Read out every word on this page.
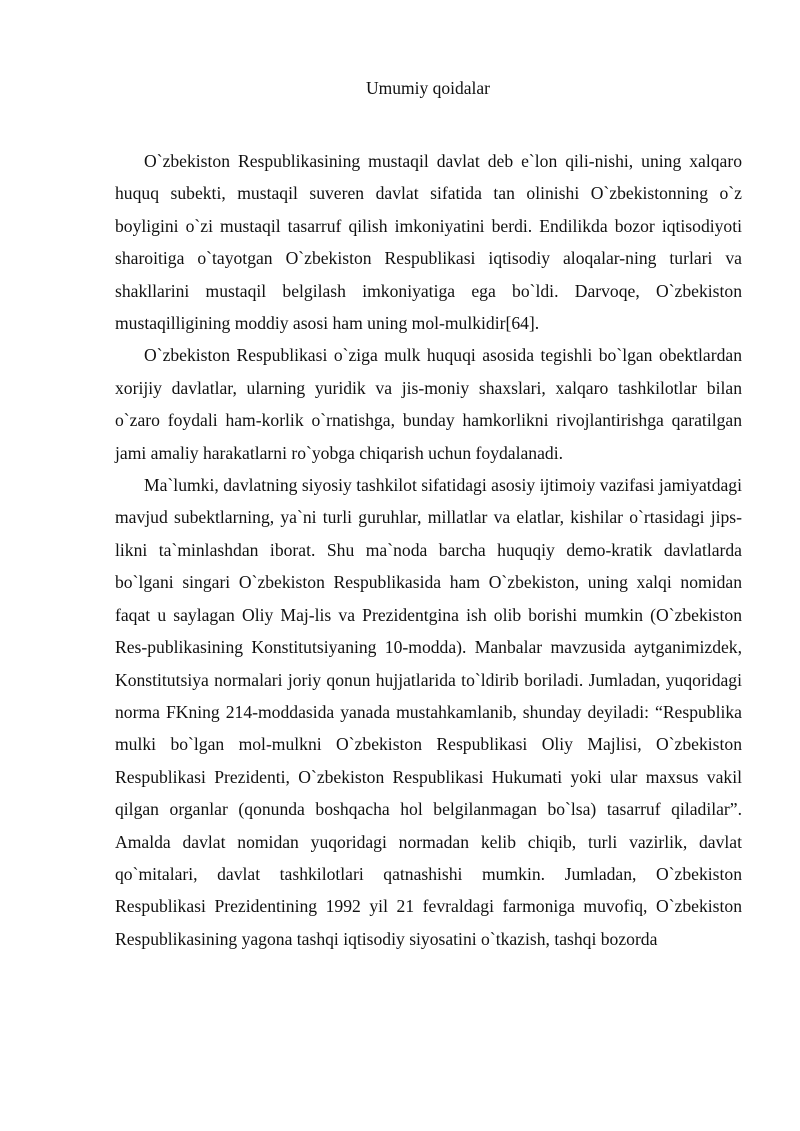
Umumiy qoidalar

O`zbekiston Respublikasining mustaqil davlat deb e`lon qili-nishi, uning xalqaro huquq subekti, mustaqil suveren davlat sifatida tan olinishi O`zbekistonning o`z boyligini o`zi mustaqil tasarruf qilish imkoniyatini berdi. Endilikda bozor iqtisodiyoti sharoitiga o`tayotgan O`zbekiston Respublikasi iqtisodiy aloqalar-ning turlari va shakllarini mustaqil belgilash imkoniyatiga ega bo`ldi. Darvoqe, O`zbekiston mustaqilligining moddiy asosi ham uning mol-mulkidir[64].

O`zbekiston Respublikasi o`ziga mulk huquqi asosida tegishli bo`lgan obektlardan xorijiy davlatlar, ularning yuridik va jis-moniy shaxslari, xalqaro tashkilotlar bilan o`zaro foydali ham-korlik o`rnatishga, bunday hamkorlikni rivojlantirishga qaratilgan jami amaliy harakatlarni ro`yobga chiqarish uchun foydalanadi.

Ma`lumki, davlatning siyosiy tashkilot sifatidagi asosiy ijtimoiy vazifasi jamiyatdagi mavjud subektlarning, ya`ni turli guruhlar, millatlar va elatlar, kishilar o`rtasidagi jips-likni ta`minlashdan iborat. Shu ma`noda barcha huquqiy demo-kratik davlatlarda bo`lgani singari O`zbekiston Respublikasida ham O`zbekiston, uning xalqi nomidan faqat u saylagan Oliy Maj-lis va Prezidentgina ish olib borishi mumkin (O`zbekiston Res-publikasining Konstitutsiyaning 10-modda). Manbalar mavzusida aytganimizdek, Konstitutsiya normalari joriy qonun hujjatlarida to`ldirib boriladi. Jumladan, yuqoridagi norma FKning 214-moddasida yanada mustahkamlanib, shunday deyiladi: “Respublika mulki bo`lgan mol-mulkni O`zbekiston Respublikasi Oliy Majlisi, O`zbekiston Respublikasi Prezidenti, O`zbekiston Respublikasi Hukumati yoki ular maxsus vakil qilgan organlar (qonunda boshqacha hol belgilanmagan bo`lsa) tasarruf qiladilar”. Amalda davlat nomidan yuqoridagi normadan kelib chiqib, turli vazirlik, davlat qo`mitalari, davlat tashkilotlari qatnashishi mumkin. Jumladan, O`zbekiston Respublikasi Prezidentining 1992 yil 21 fevraldagi farmoniga muvofiq, O`zbekiston Respublikasining yagona tashqi iqtisodiy siyosatini o`tkazish, tashqi bozorda
